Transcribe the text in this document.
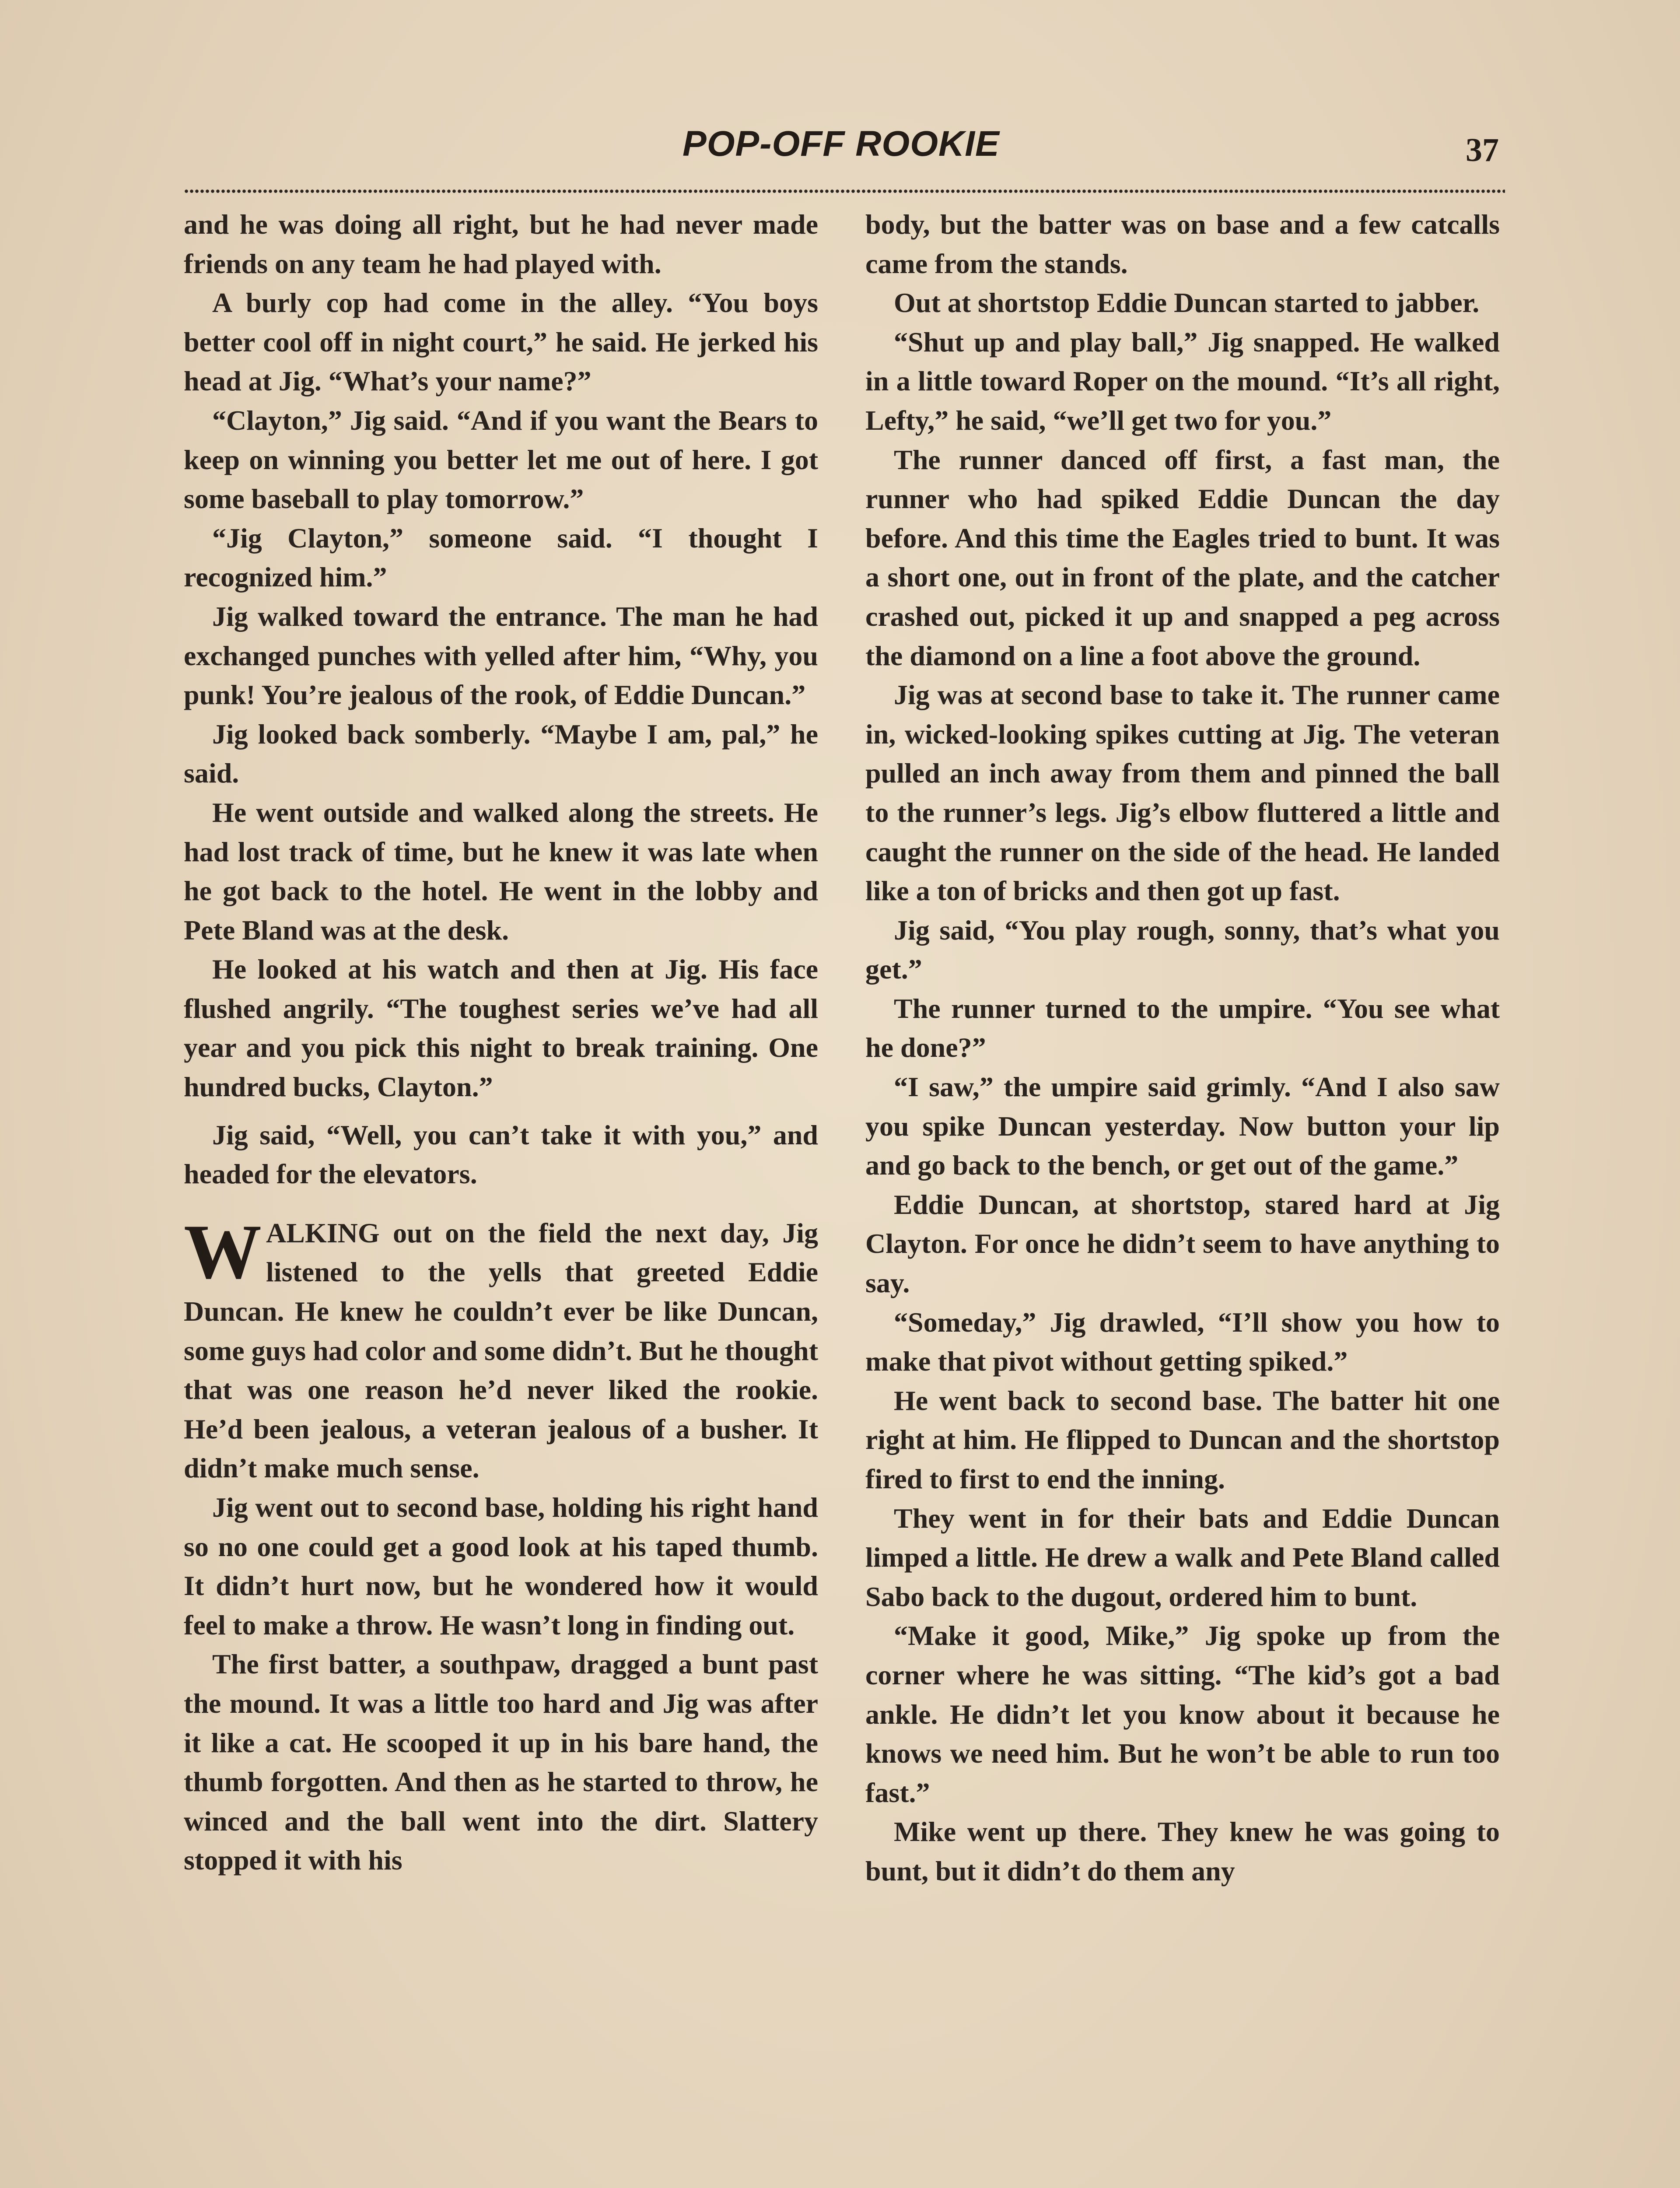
POP-OFF ROOKIE	37

and he was doing all right, but he had never made friends on any team he had played with.

A burly cop had come in the alley. “You boys better cool off in night court,” he said. He jerked his head at Jig. “What’s your name?”

“Clayton,” Jig said. “And if you want the Bears to keep on winning you better let me out of here. I got some baseball to play tomorrow.”

“Jig Clayton,” someone said. “I thought I recognized him.”

Jig walked toward the entrance. The man he had exchanged punches with yelled after him, “Why, you punk! You’re jealous of the rook, of Eddie Duncan.”

Jig looked back somberly. “Maybe I am, pal,” he said.

He went outside and walked along the streets. He had lost track of time, but he knew it was late when he got back to the hotel. He went in the lobby and Pete Bland was at the desk.

He looked at his watch and then at Jig. His face flushed angrily. “The toughest series we’ve had all year and you pick this night to break training. One hundred bucks, Clayton.”

Jig said, “Well, you can’t take it with you,” and headed for the elevators.

WALKING out on the field the next day, Jig listened to the yells that greeted Eddie Duncan. He knew he couldn’t ever be like Duncan, some guys had color and some didn’t. But he thought that was one reason he’d never liked the rookie. He’d been jealous, a veteran jealous of a busher. It didn’t make much sense.

Jig went out to second base, holding his right hand so no one could get a good look at his taped thumb. It didn’t hurt now, but he wondered how it would feel to make a throw. He wasn’t long in finding out.

The first batter, a southpaw, dragged a bunt past the mound. It was a little too hard and Jig was after it like a cat. He scooped it up in his bare hand, the thumb forgotten. And then as he started to throw, he winced and the ball went into the dirt. Slattery stopped it with his

body, but the batter was on base and a few catcalls came from the stands.

Out at shortstop Eddie Duncan started to jabber.

“Shut up and play ball,” Jig snapped. He walked in a little toward Roper on the mound. “It’s all right, Lefty,” he said, “we’ll get two for you.”

The runner danced off first, a fast man, the runner who had spiked Eddie Duncan the day before. And this time the Eagles tried to bunt. It was a short one, out in front of the plate, and the catcher crashed out, picked it up and snapped a peg across the diamond on a line a foot above the ground.

Jig was at second base to take it. The runner came in, wicked-looking spikes cutting at Jig. The veteran pulled an inch away from them and pinned the ball to the runner’s legs. Jig’s elbow fluttered a little and caught the runner on the side of the head. He landed like a ton of bricks and then got up fast.

Jig said, “You play rough, sonny, that’s what you get.”

The runner turned to the umpire. “You see what he done?”

“I saw,” the umpire said grimly. “And I also saw you spike Duncan yesterday. Now button your lip and go back to the bench, or get out of the game.”

Eddie Duncan, at shortstop, stared hard at Jig Clayton. For once he didn’t seem to have anything to say.

“Someday,” Jig drawled, “I’ll show you how to make that pivot without getting spiked.”

He went back to second base. The batter hit one right at him. He flipped to Duncan and the shortstop fired to first to end the inning.

They went in for their bats and Eddie Duncan limped a little. He drew a walk and Pete Bland called Sabo back to the dugout, ordered him to bunt.

“Make it good, Mike,” Jig spoke up from the corner where he was sitting. “The kid’s got a bad ankle. He didn’t let you know about it because he knows we need him. But he won’t be able to run too fast.”

Mike went up there. They knew he was going to bunt, but it didn’t do them any
